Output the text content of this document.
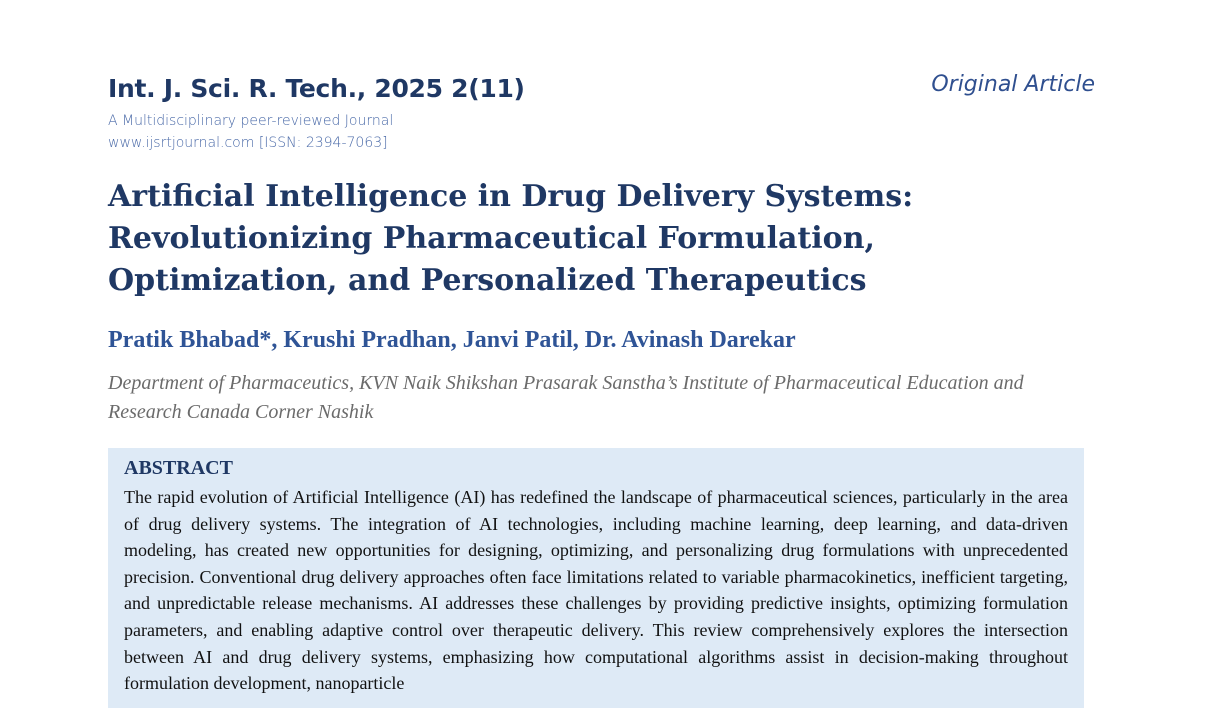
Int. J. Sci. R. Tech., 2025 2(11)	Original Article
A Multidisciplinary peer-reviewed Journal
www.ijsrtjournal.com [ISSN: 2394-7063]
Artificial Intelligence in Drug Delivery Systems: Revolutionizing Pharmaceutical Formulation, Optimization, and Personalized Therapeutics
Pratik Bhabad*, Krushi Pradhan, Janvi Patil, Dr. Avinash Darekar
Department of Pharmaceutics, KVN Naik Shikshan Prasarak Sanstha’s Institute of Pharmaceutical Education and Research Canada Corner Nashik
ABSTRACT
The rapid evolution of Artificial Intelligence (AI) has redefined the landscape of pharmaceutical sciences, particularly in the area of drug delivery systems. The integration of AI technologies, including machine learning, deep learning, and data-driven modeling, has created new opportunities for designing, optimizing, and personalizing drug formulations with unprecedented precision. Conventional drug delivery approaches often face limitations related to variable pharmacokinetics, inefficient targeting, and unpredictable release mechanisms. AI addresses these challenges by providing predictive insights, optimizing formulation parameters, and enabling adaptive control over therapeutic delivery. This review comprehensively explores the intersection between AI and drug delivery systems, emphasizing how computational algorithms assist in decision-making throughout formulation development, nanoparticle
